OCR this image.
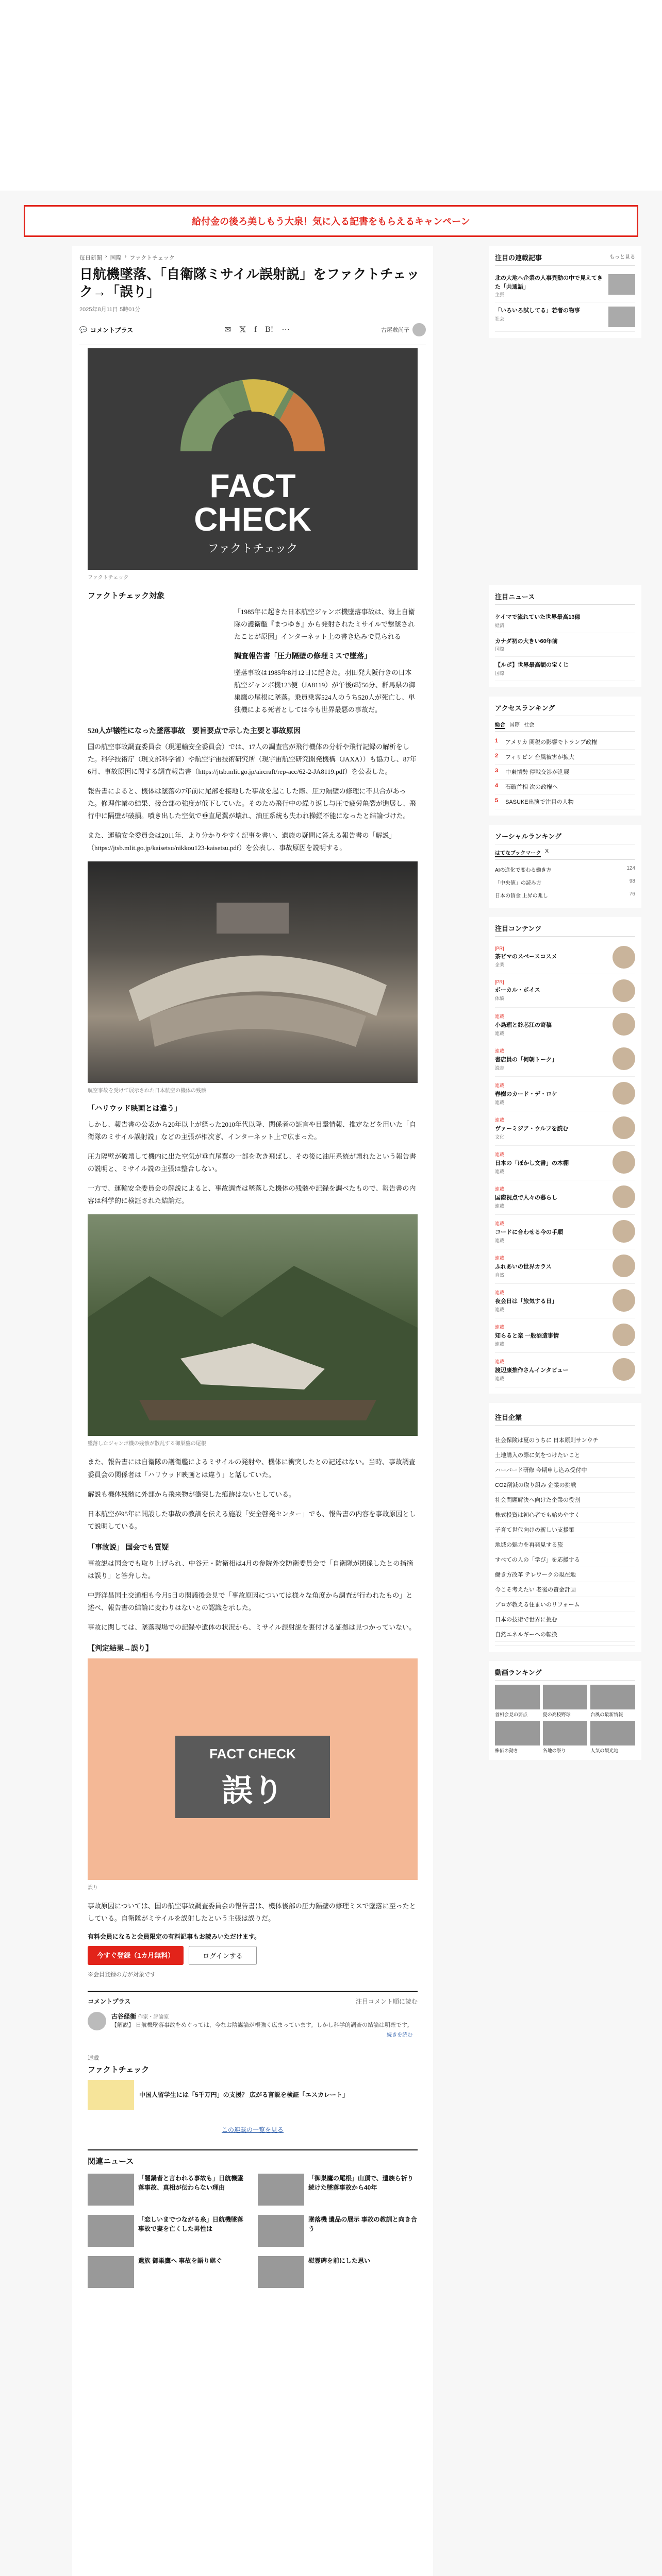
給付金の後ろ美しもう大泉！気に入る記書をもらえるキャンペーン
毎日新聞 › 国際 › ファクトチェック
日航機墜落、「自衛隊ミサイル誤射説」をファクトチェック→「誤り」
2025年8月11日 5時01分
💬 コメントプラス	✉ 𝕏 f B! ⋯	古屋敷尚子
FACT
CHECK
ファクトチェック
ファクトチェック
ファクトチェック対象
「1985年に起きた日本航空ジャンボ機墜落事故は、海上自衛隊の護衛艦『まつゆき』から発射されたミサイルで撃墜されたことが原因」インターネット上の書き込みで見られる
調査報告書「圧力隔壁の修理ミスで墜落」
墜落事故は1985年8月12日に起きた。羽田発大阪行きの日本航空ジャンボ機123便（JA8119）が午後6時56分、群馬県の御巣鷹の尾根に墜落。乗員乗客524人のうち520人が死亡し、単独機による死者としては今も世界最悪の事故だ。
520人が犠牲になった墜落事故　要旨要点で示した主要と事故原因

国の航空事故調査委員会（現運輸安全委員会）では、17人の調査官が飛行機体の分析や飛行記録の解析をした。科学技術庁（現文部科学省）や航空宇宙技術研究所（現宇宙航空研究開発機構（JAXA））も協力し、87年6月、事故原因に関する調査報告書（https://jtsb.mlit.go.jp/aircraft/rep-acc/62-2-JA8119.pdf）を公表した。

報告書によると、機体は墜落の7年前に尾部を接地した事故を起こした際、圧力隔壁の修理に不具合があった。修理作業の結果、接合部の強度が低下していた。そのため飛行中の繰り返し与圧で疲労亀裂が進展し、飛行中に隔壁が破損。噴き出した空気で垂直尾翼が壊れ、油圧系統も失われ操縦不能になったと結論づけた。

また、運輸安全委員会は2011年、より分かりやすく記事を書い、遺族の疑問に答える報告書の「解説」（https://jtsb.mlit.go.jp/kaisetsu/nikkou123-kaisetsu.pdf）を公表し、事故原因を説明する。

航空事故を受けて展示された日本航空の機体の残骸
「ハリウッド映画とは違う」

しかし、報告書の公表から20年以上が経った2010年代以降、関係者の証言や目撃情報、推定などを用いた「自衛隊のミサイル誤射説」などの主張が相次ぎ、インターネット上で広まった。

圧力隔壁が破壊して機内に出た空気が垂直尾翼の一部を吹き飛ばし、その後に油圧系統が壊れたという報告書の説明と、ミサイル説の主張は整合しない。

一方で、運輸安全委員会の解説によると、事故調査は墜落した機体の残骸や記録を調べたもので、報告書の内容は科学的に検証された結論だ。

墜落したジャンボ機の残骸が散乱する御巣鷹の尾根

また、報告書には自衛隊の護衛艦によるミサイルの発射や、機体に衝突したとの記述はない。当時、事故調査委員会の関係者は「ハリウッド映画とは違う」と話していた。

解説も機体残骸に外部から飛来物が衝突した痕跡はないとしている。

日本航空が95年に開設した事故の教訓を伝える施設「安全啓発センター」でも、報告書の内容を事故原因として説明している。

「事故説」 国会でも質疑

事故説は国会でも取り上げられ、中谷元・防衛相は4月の参院外交防衛委員会で「自衛隊が関係したとの指摘は誤り」と答弁した。

中野洋昌国土交通相も今月5日の閣議後会見で「事故原因については様々な角度から調査が行われたもの」と述べ、報告書の結論に変わりはないとの認識を示した。

事故に関しては、墜落現場での記録や遺体の状況から、ミサイル誤射説を裏付ける証拠は見つかっていない。

【判定結果→誤り】
FACT CHECK
誤り
誤り

事故原因については、国の航空事故調査委員会の報告書は、機体後部の圧力隔壁の修理ミスで墜落に至ったとしている。自衛隊がミサイルを誤射したという主張は誤りだ。

有料会員になると会員限定の有料記事もお読みいただけます。
今すぐ登録（1カ月無料）	ログインする
※会員登録の方が対象です
コメントプラス	注目コメント順に読む
古谷経衡 作家・評論家
【解説】 日航機墜落事故をめぐっては、今なお陰謀論が根強く広まっています。しかし科学的調査の結論は明確です。
続きを読む
連載
ファクトチェック
中国人留学生には「5千万円」の支援？ 広がる言説を検証「エスカレート」
この連載の一覧を見る
関連ニュース
「闇鍋者と言われる事故も」日航機墜落事故、真相が伝わらない理由
「御巣鷹の尾根」山頂で、遺族ら祈り続けた墜落事故から40年
「恋しいまでつながる糸」日航機墜落事故で妻を亡くした男性は
墜落機 遺品の展示 事故の教訓と向き合う
遺族 御巣鷹へ 事故を語り継ぐ	慰霊碑を前にした思い
注目の連載記事	もっと見る
北の大地へ企業の人事異動の中で見えてきた「共通語」
主張
「いろいろ試してる」若者の物事
社会
注目ニュース
ケイマで流れていた世界最高13億
経済
カナダ初の大きい60年前
国際
【ルポ】世界最高額の宝くじ
国際
アクセスランキング
総合 国際 社会
1	アメリカ 関税の影響でトランプ政権
2	フィリピン 台風被害が拡大
3	中東情勢 停戦交渉が進展
4	石破首相 次の政権へ
5	SASUKE出演で注目の人物
ソーシャルランキング
はてなブックマーク X
AIの進化で変わる働き方	124
「中央値」の読み方	98
日本の賃金 上昇の兆し	76
注目コンテンツ
[PR]
茶ビマのスペースコスメ
企業
[PR]
ボーカル・ボイス
体験
連載
小島瑠と鈴芯江の寄稿
連載
連載
書店員の「何朝トーク」
読書
連載
春樹のカード・デ・ロケ
連載
連載
ヴァーミジア・ウルフを読む
文化
連載
日本の「ぼかし文書」の本棚
連載
連載
国際視点で人々の暮らし
連載
連載
コードに合わせる今の手順
連載
連載
ふれあいの世界カラス
自然
連載
夜会日は「旅気する日」
連載
連載
知らると楽 一般酒造事情
連載
連載
渡辺康推作さんインタビュー
連載
注目企業
社会保険は夏のうちに 日本原則サンウチ
土地購入の際に気をつけたいこと
ハーバード研修 今期申し込み受付中
CO2削減の取り組み 企業の挑戦
社会問題解決へ向けた企業の役割
株式投資は初心者でも始めやすく
子育て世代向けの新しい支援策
地域の魅力を再発見する旅
すべての人の「学び」を応援する
働き方改革 テレワークの現在地
今こそ考えたい 老後の資金計画
プロが教える住まいのリフォーム
日本の技術で世界に挑む
自然エネルギーへの転換
動画ランキング
首相会見の要点	夏の高校野球	台風の最新情報
株価の動き	各地の祭り	人気の観光地
